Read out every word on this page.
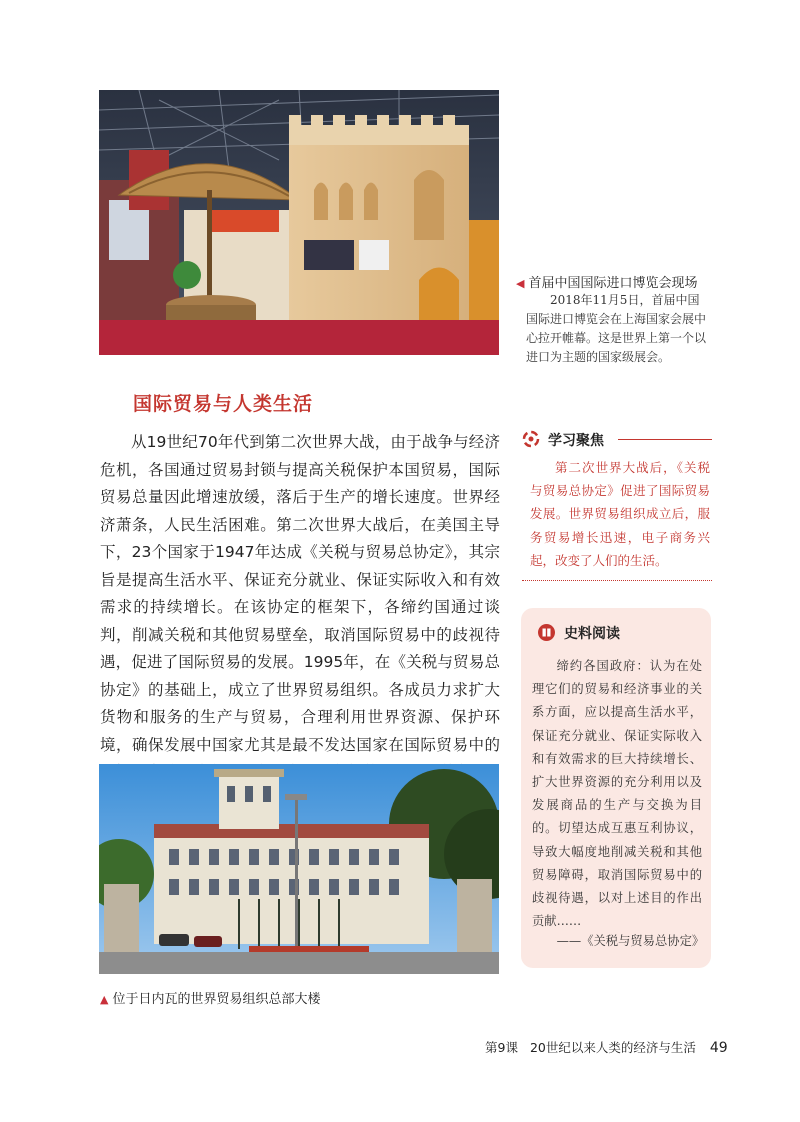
◀ 首届中国国际进口博览会现场
2018年11月5日，首届中国国际进口博览会在上海国家会展中心拉开帷幕。这是世界上第一个以进口为主题的国家级展会。
国际贸易与人类生活
从19世纪70年代到第二次世界大战，由于战争与经济危机，各国通过贸易封锁与提高关税保护本国贸易，国际贸易总量因此增速放缓，落后于生产的增长速度。世界经济萧条，人民生活困难。第二次世界大战后，在美国主导下，23个国家于1947年达成《关税与贸易总协定》，其宗旨是提高生活水平、保证充分就业、保证实际收入和有效需求的持续增长。在该协定的框架下，各缔约国通过谈判，削减关税和其他贸易壁垒，取消国际贸易中的歧视待遇，促进了国际贸易的发展。1995年，在《关税与贸易总协定》的基础上，成立了世界贸易组织。各成员力求扩大货物和服务的生产与贸易，合理利用世界资源、保护环境，确保发展中国家尤其是最不发达国家在国际贸易中的
学习聚焦
第二次世界大战后，《关税与贸易总协定》促进了国际贸易发展。世界贸易组织成立后，服务贸易增长迅速，电子商务兴起，改变了人们的生活。
史料阅读
缔约各国政府：认为在处理它们的贸易和经济事业的关系方面，应以提高生活水平，保证充分就业、保证实际收入和有效需求的巨大持续增长、扩大世界资源的充分利用以及发展商品的生产与交换为目的。切望达成互惠互利协议，导致大幅度地削减关税和其他贸易障碍，取消国际贸易中的歧视待遇，以对上述目的作出贡献……
——《关税与贸易总协定》
▲ 位于日内瓦的世界贸易组织总部大楼
第9课 20世纪以来人类的经济与生活 49
